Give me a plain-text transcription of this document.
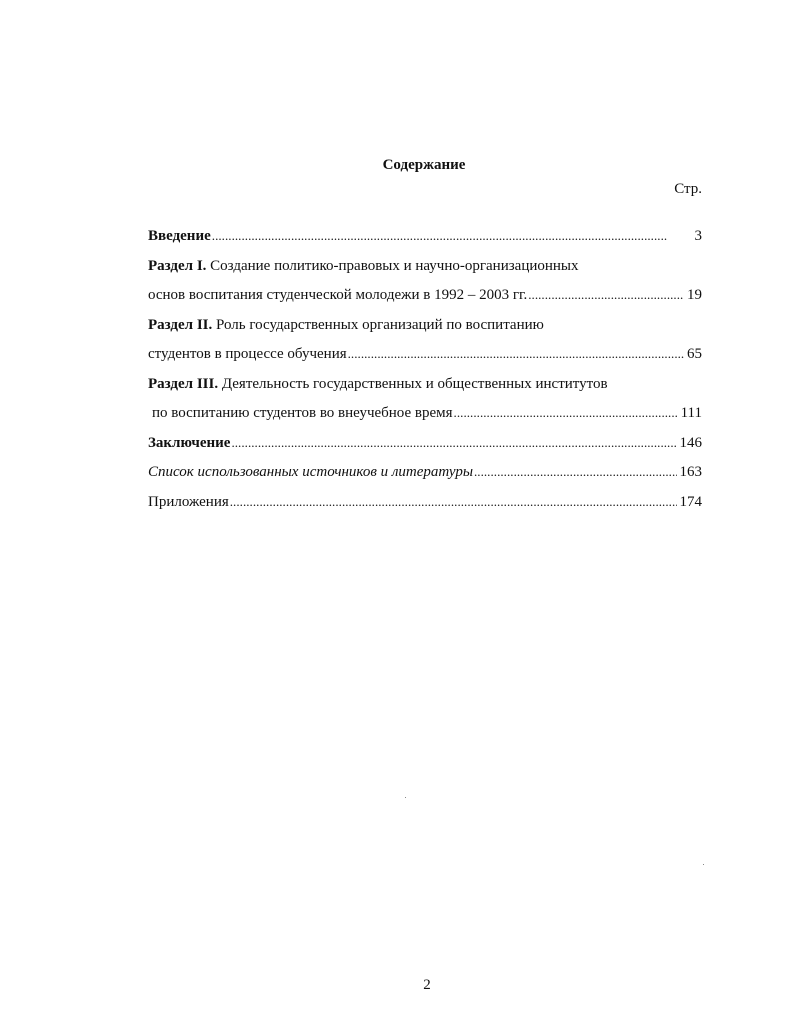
Содержание
Стр.
Введение . . .	3
Раздел I. Создание политико-правовых и научно-организационных
основ воспитания студенческой молодежи в 1992 – 2003 гг. . . .	19
Раздел II. Роль государственных организаций по воспитанию
студентов в процессе обучения . . .	65
Раздел III. Деятельность государственных и общественных институтов
по воспитанию студентов во внеучебное время . . .	111
Заключение . . .	146
Список использованных источников и литературы . . .	163
Приложения . . .	174
2
